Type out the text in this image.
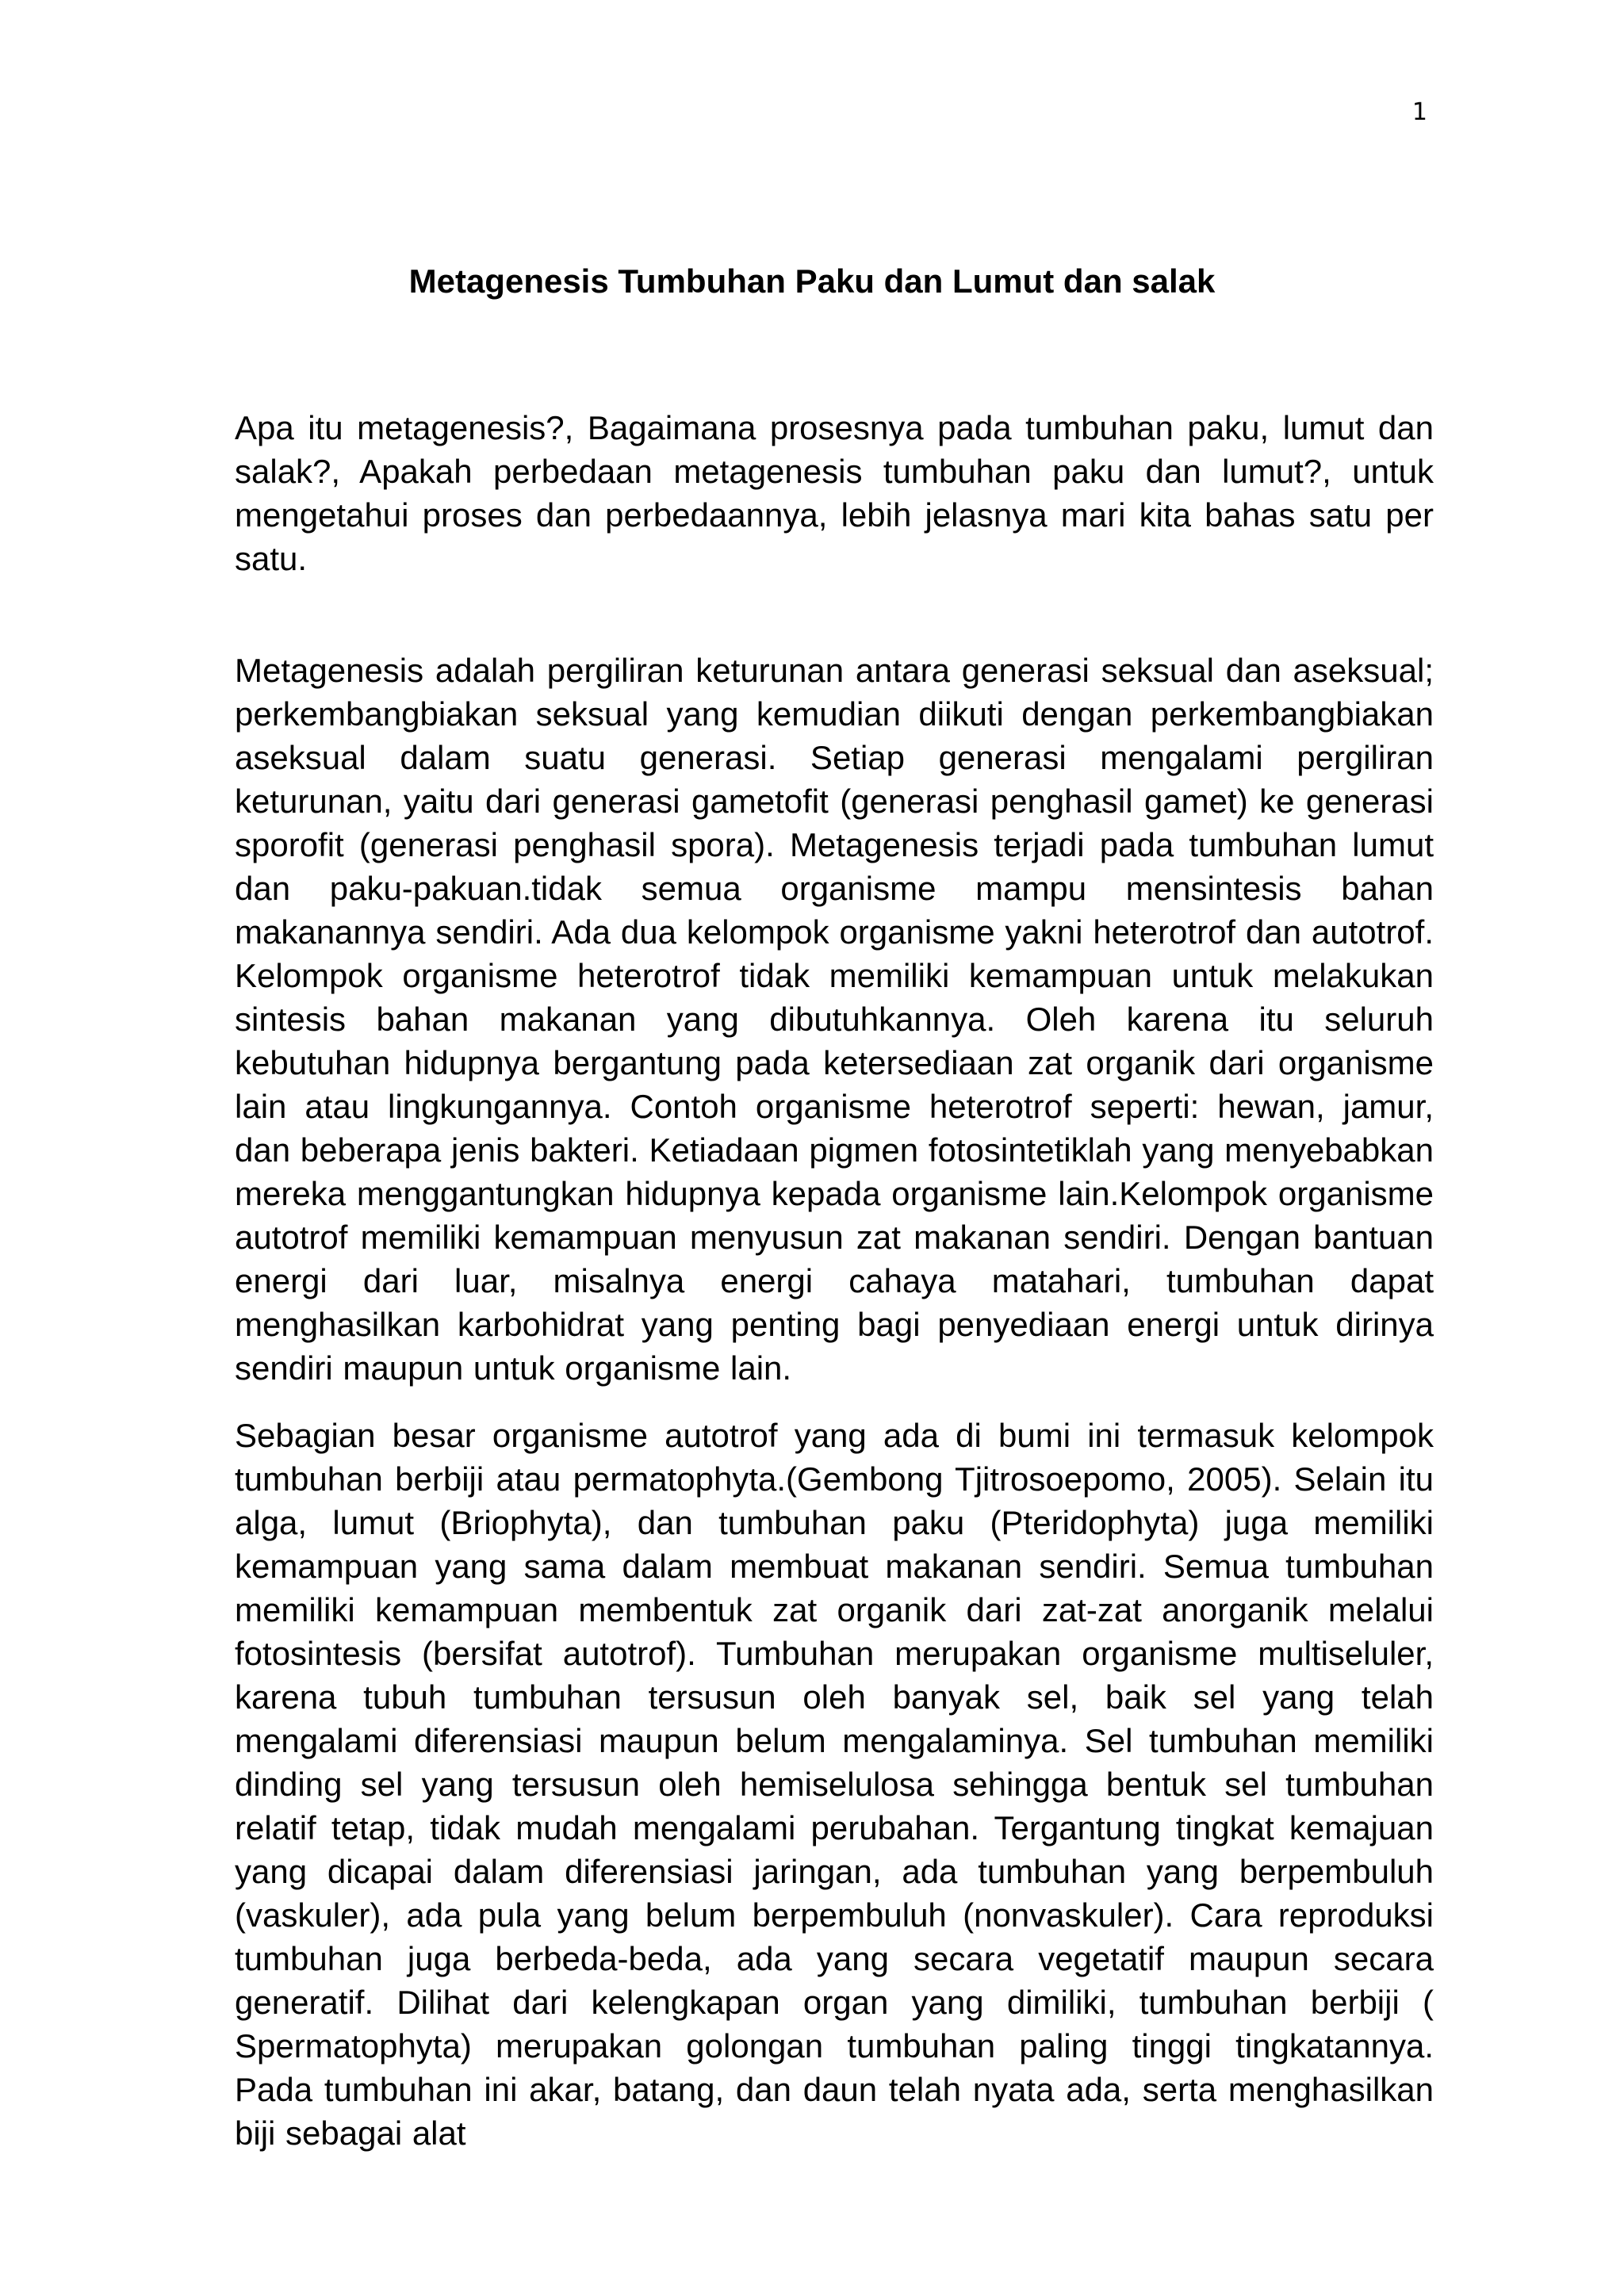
1
Metagenesis Tumbuhan Paku dan Lumut dan salak

Apa itu metagenesis?, Bagaimana prosesnya pada tumbuhan paku, lumut dan salak?, Apakah perbedaan metagenesis tumbuhan paku dan lumut?, untuk mengetahui proses dan perbedaannya, lebih jelasnya mari kita bahas satu per satu.

Metagenesis adalah pergiliran keturunan antara generasi seksual dan aseksual; perkembangbiakan seksual yang kemudian diikuti dengan perkembangbiakan aseksual dalam suatu generasi. Setiap generasi mengalami pergiliran keturunan, yaitu dari generasi gametofit (generasi penghasil gamet) ke generasi sporofit (generasi penghasil spora). Metagenesis terjadi pada tumbuhan lumut dan paku-pakuan.tidak semua organisme mampu mensintesis bahan makanannya sendiri. Ada dua kelompok organisme yakni heterotrof dan autotrof. Kelompok organisme heterotrof tidak memiliki kemampuan untuk melakukan sintesis bahan makanan yang dibutuhkannya. Oleh karena itu seluruh kebutuhan hidupnya bergantung pada ketersediaan zat organik dari organisme lain atau lingkungannya. Contoh organisme heterotrof seperti: hewan, jamur, dan beberapa jenis bakteri. Ketiadaan pigmen fotosintetiklah yang menyebabkan mereka menggantungkan hidupnya kepada organisme lain.Kelompok organisme autotrof memiliki kemampuan menyusun zat makanan sendiri. Dengan bantuan energi dari luar, misalnya energi cahaya matahari, tumbuhan dapat menghasilkan karbohidrat yang penting bagi penyediaan energi untuk dirinya sendiri maupun untuk organisme lain.

Sebagian besar organisme autotrof yang ada di bumi ini termasuk kelompok tumbuhan berbiji atau permatophyta.(Gembong Tjitrosoepomo, 2005). Selain itu alga, lumut (Briophyta), dan tumbuhan paku (Pteridophyta) juga memiliki kemampuan yang sama dalam membuat makanan sendiri. Semua tumbuhan memiliki kemampuan membentuk zat organik dari zat-zat anorganik melalui fotosintesis (bersifat autotrof). Tumbuhan merupakan organisme multiseluler, karena tubuh tumbuhan tersusun oleh banyak sel, baik sel yang telah mengalami diferensiasi maupun belum mengalaminya. Sel tumbuhan memiliki dinding sel yang tersusun oleh hemiselulosa sehingga bentuk sel tumbuhan relatif tetap, tidak mudah mengalami perubahan. Tergantung tingkat kemajuan yang dicapai dalam diferensiasi jaringan, ada tumbuhan yang berpembuluh (vaskuler), ada pula yang belum berpembuluh (nonvaskuler). Cara reproduksi tumbuhan juga berbeda-beda, ada yang secara vegetatif maupun secara generatif. Dilihat dari kelengkapan organ yang dimiliki, tumbuhan berbiji ( Spermatophyta) merupakan golongan tumbuhan paling tinggi tingkatannya. Pada tumbuhan ini akar, batang, dan daun telah nyata ada, serta menghasilkan biji sebagai alat
